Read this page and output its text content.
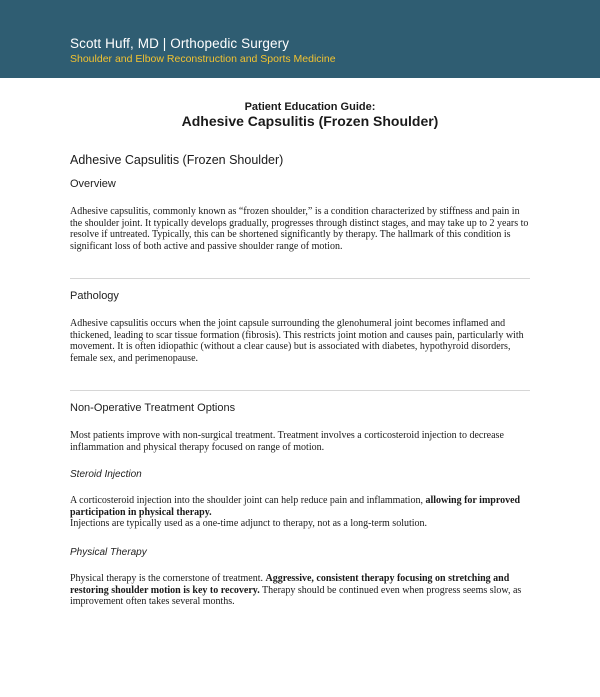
Scott Huff, MD | Orthopedic Surgery
Shoulder and Elbow Reconstruction and Sports Medicine
Patient Education Guide:
Adhesive Capsulitis (Frozen Shoulder)
Adhesive Capsulitis (Frozen Shoulder)
Overview
Adhesive capsulitis, commonly known as “frozen shoulder,” is a condition characterized by stiffness and pain in the shoulder joint. It typically develops gradually, progresses through distinct stages, and may take up to 2 years to resolve if untreated. Typically, this can be shortened significantly by therapy. The hallmark of this condition is significant loss of both active and passive shoulder range of motion.
Pathology
Adhesive capsulitis occurs when the joint capsule surrounding the glenohumeral joint becomes inflamed and thickened, leading to scar tissue formation (fibrosis). This restricts joint motion and causes pain, particularly with movement. It is often idiopathic (without a clear cause) but is associated with diabetes, hypothyroid disorders, female sex, and perimenopause.
Non-Operative Treatment Options
Most patients improve with non-surgical treatment. Treatment involves a corticosteroid injection to decrease inflammation and physical therapy focused on range of motion.
Steroid Injection
A corticosteroid injection into the shoulder joint can help reduce pain and inflammation, allowing for improved participation in physical therapy.
Injections are typically used as a one-time adjunct to therapy, not as a long-term solution.
Physical Therapy
Physical therapy is the cornerstone of treatment. Aggressive, consistent therapy focusing on stretching and restoring shoulder motion is key to recovery. Therapy should be continued even when progress seems slow, as improvement often takes several months.
